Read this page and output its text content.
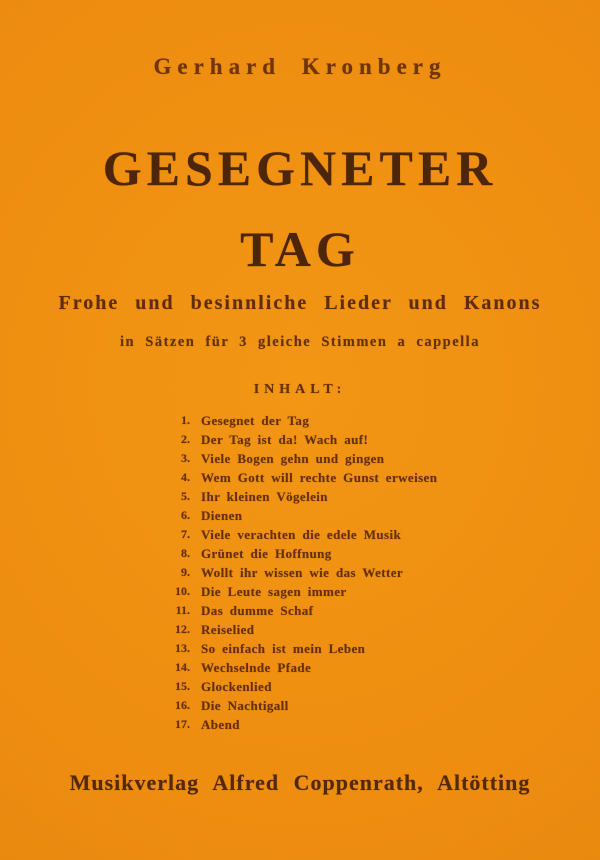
Gerhard Kronberg
GESEGNETER
TAG
Frohe und besinnliche Lieder und Kanons
in Sätzen für 3 gleiche Stimmen a cappella
INHALT:
1. Gesegnet der Tag
2. Der Tag ist da! Wach auf!
3. Viele Bogen gehn und gingen
4. Wem Gott will rechte Gunst erweisen
5. Ihr kleinen Vögelein
6. Dienen
7. Viele verachten die edele Musik
8. Grünet die Hoffnung
9. Wollt ihr wissen wie das Wetter
10. Die Leute sagen immer
11. Das dumme Schaf
12. Reiselied
13. So einfach ist mein Leben
14. Wechselnde Pfade
15. Glockenlied
16. Die Nachtigall
17. Abend
Musikverlag Alfred Coppenrath, Altötting
